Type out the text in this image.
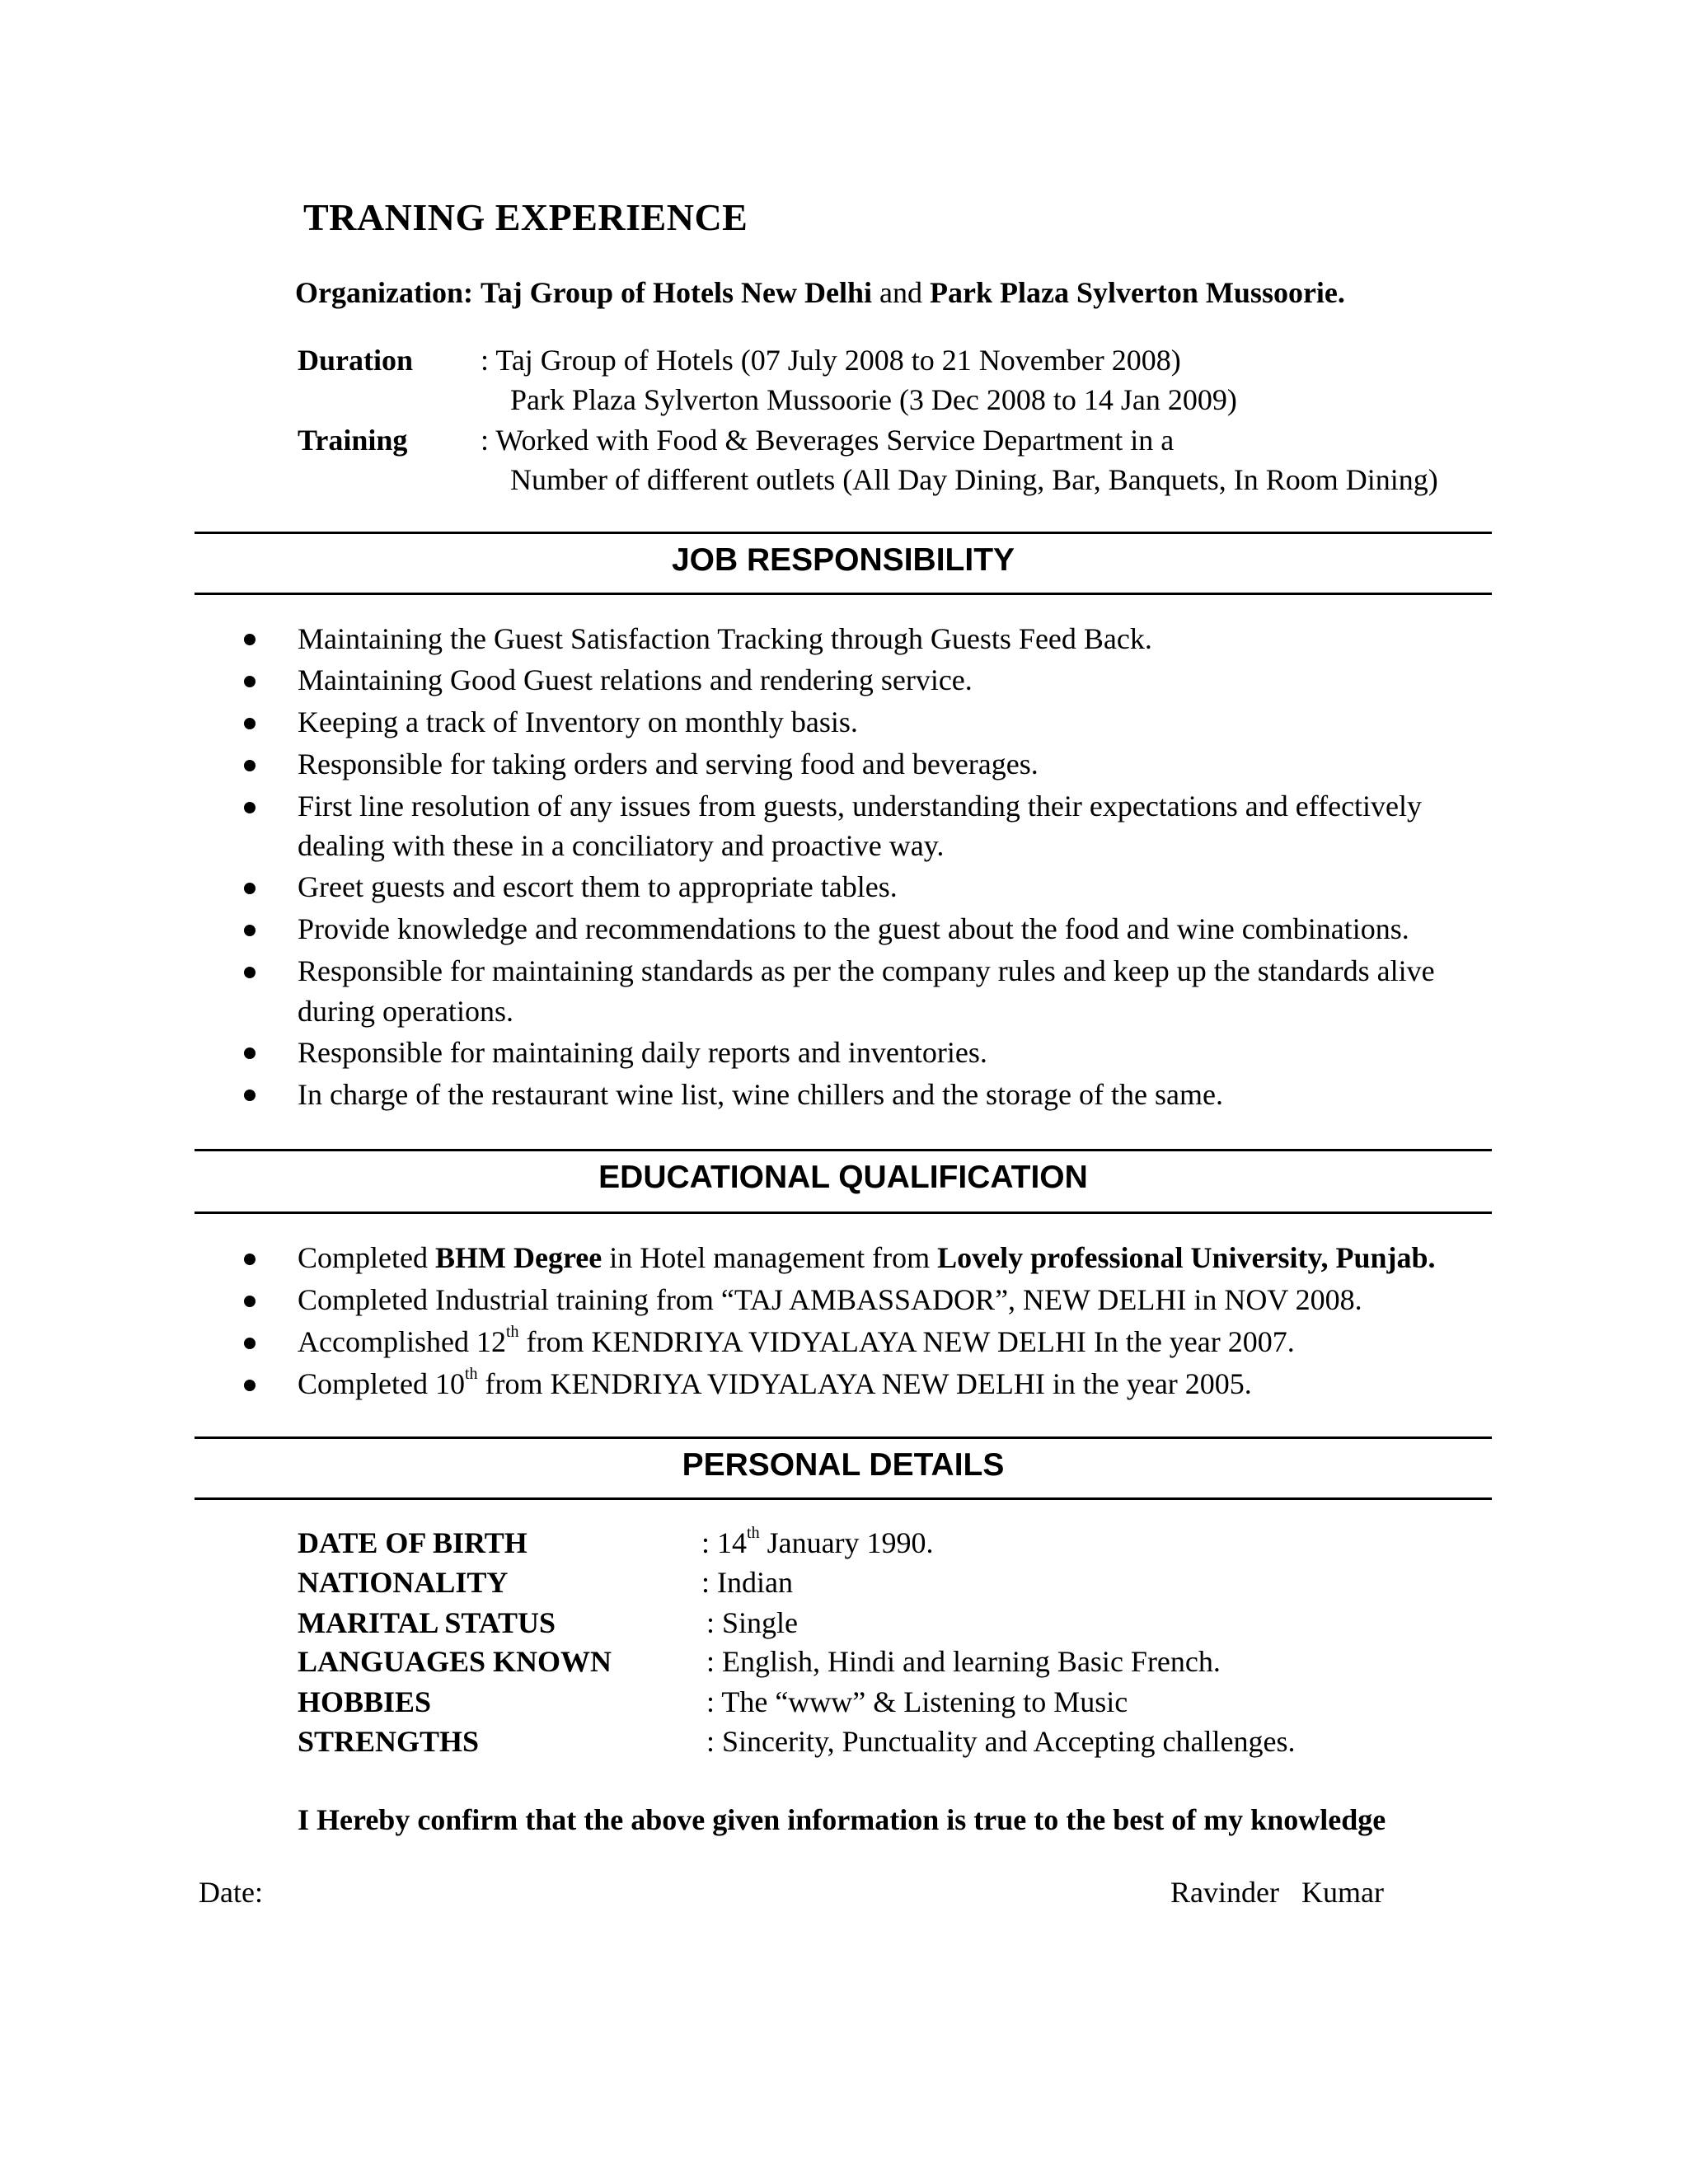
TRANING EXPERIENCE
Organization: Taj Group of Hotels New Delhi and Park Plaza Sylverton Mussoorie.
Duration : Taj Group of Hotels (07 July 2008 to 21 November 2008)
Park Plaza Sylverton Mussoorie (3 Dec 2008 to 14 Jan 2009)
Training : Worked with Food & Beverages Service Department in a
Number of different outlets (All Day Dining, Bar, Banquets, In Room Dining)
JOB RESPONSIBILITY
Maintaining the Guest Satisfaction Tracking through Guests Feed Back.
Maintaining Good Guest relations and rendering service.
Keeping a track of Inventory on monthly basis.
Responsible for taking orders and serving food and beverages.
First line resolution of any issues from guests, understanding their expectations and effectively
dealing with these in a conciliatory and proactive way.
Greet guests and escort them to appropriate tables.
Provide knowledge and recommendations to the guest about the food and wine combinations.
Responsible for maintaining standards as per the company rules and keep up the standards alive
during operations.
Responsible for maintaining daily reports and inventories.
In charge of the restaurant wine list, wine chillers and the storage of the same.
EDUCATIONAL QUALIFICATION
Completed BHM Degree in Hotel management from Lovely professional University, Punjab.
Completed Industrial training from “TAJ AMBASSADOR”, NEW DELHI in NOV 2008.
Accomplished 12th from KENDRIYA VIDYALAYA NEW DELHI In the year 2007.
Completed 10th from KENDRIYA VIDYALAYA NEW DELHI in the year 2005.
PERSONAL DETAILS
DATE OF BIRTH	: 14th January 1990.
NATIONALITY	: Indian
MARITAL STATUS	: Single
LANGUAGES KNOWN	: English, Hindi and learning Basic French.
HOBBIES	: The “www” & Listening to Music
STRENGTHS	: Sincerity, Punctuality and Accepting challenges.
I Hereby confirm that the above given information is true to the best of my knowledge
Date:	Ravinder   Kumar
